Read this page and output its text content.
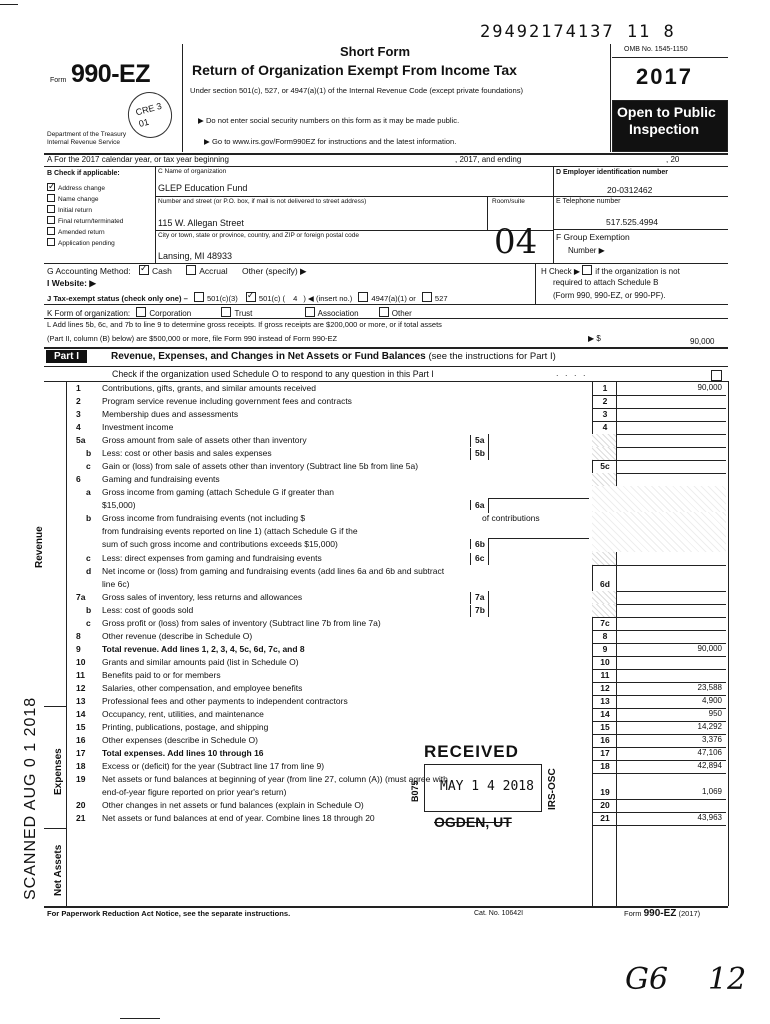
29492174137 11 8
Form 990-EZ
Short Form
Return of Organization Exempt From Income Tax
Under section 501(c), 527, or 4947(a)(1) of the Internal Revenue Code (except private foundations)
▶ Do not enter social security numbers on this form as it may be made public.
▶ Go to www.irs.gov/Form990EZ for instructions and the latest information.
Department of the Treasury
Internal Revenue Service
OMB No. 1545-1150
2017
Open to Public
Inspection
A For the 2017 calendar year, or tax year beginning	, 2017, and ending	, 20
B Check if applicable:
✓Address change
Name change
Initial return
Final return/terminated
Amended return
Application pending
C Name of organization
GLEP Education Fund
Number and street (or P.O. box, if mail is not delivered to street address)	Room/suite
115 W. Allegan Street
City or town, state or province, country, and ZIP or foreign postal code
Lansing, MI 48933
D Employer identification number
20-0312462
E Telephone number
517.525.4994
F Group Exemption
Number ▶
04
G Accounting Method: ✓	Cash	Accrual Other (specify) ▶	H Check ▶ if the organization is not
required to attach Schedule B
(Form 990, 990-EZ, or 990-PF).
I Website: ▶
J Tax-exempt status (check only one) –	501(c)(3) ✓	501(c) ( 4 ) ◀ (insert no.)	4947(a)(1) or	527
K Form of organization: Corporation	Trust	Association	Other
L Add lines 5b, 6c, and 7b to line 9 to determine gross receipts. If gross receipts are $200,000 or more, or if total assets
(Part II, column (B) below) are $500,000 or more, file Form 990 instead of Form 990-EZ	▶ $	90,000
Part I	Revenue, Expenses, and Changes in Net Assets or Fund Balances (see the instructions for Part I)
Check if the organization used Schedule O to respond to any question in this Part I	. . . .
Revenue
Expenses
Net Assets
1	Contributions, gifts, grants, and similar amounts received	1	90,000
2	Program service revenue including government fees and contracts	2
3	Membership dues and assessments	3
4	Investment income	4
5a Gross amount from sale of assets other than inventory	5a
b Less: cost or other basis and sales expenses	5b
c Gain or (loss) from sale of assets other than inventory (Subtract line 5b from line 5a)	5c
6	Gaming and fundraising events
a Gross income from gaming (attach Schedule G if greater than
$15,000)	6a
b Gross income from fundraising events (not including $	of contributions
from fundraising events reported on line 1) (attach Schedule G if the
sum of such gross income and contributions exceeds $15,000)	6b
c Less: direct expenses from gaming and fundraising events	6c
d Net income or (loss) from gaming and fundraising events (add lines 6a and 6b and subtract
line 6c)	6d
7a Gross sales of inventory, less returns and allowances	7a
b Less: cost of goods sold	7b
c Gross profit or (loss) from sales of inventory (Subtract line 7b from line 7a)	7c
8	Other revenue (describe in Schedule O)	8
9	Total revenue. Add lines 1, 2, 3, 4, 5c, 6d, 7c, and 8	9	90,000
10 Grants and similar amounts paid (list in Schedule O)	10
11 Benefits paid to or for members	11
12 Salaries, other compensation, and employee benefits	12	23,588
13 Professional fees and other payments to independent contractors	13	4,900
14 Occupancy, rent, utilities, and maintenance	14	950
15 Printing, publications, postage, and shipping	15	14,292
16 Other expenses (describe in Schedule O)	16	3,376
17 Total expenses. Add lines 10 through 16	17	47,106
18 Excess or (deficit) for the year (Subtract line 17 from line 9)	18	42,894
19 Net assets or fund balances at beginning of year (from line 27, column (A)) (must agree with
end-of-year figure reported on prior year's return)	19	1,069
20 Other changes in net assets or fund balances (explain in Schedule O)	20
21 Net assets or fund balances at end of year. Combine lines 18 through 20	21	43,963
For Paperwork Reduction Act Notice, see the separate instructions.	Cat. No. 10642I	Form 990-EZ (2017)
RECEIVED
MAY 1 4 2018
OGDEN, UT
B075	IRS-OSC
SCANNED AUG 0 1 2018
CRE 3 01
G6 12
